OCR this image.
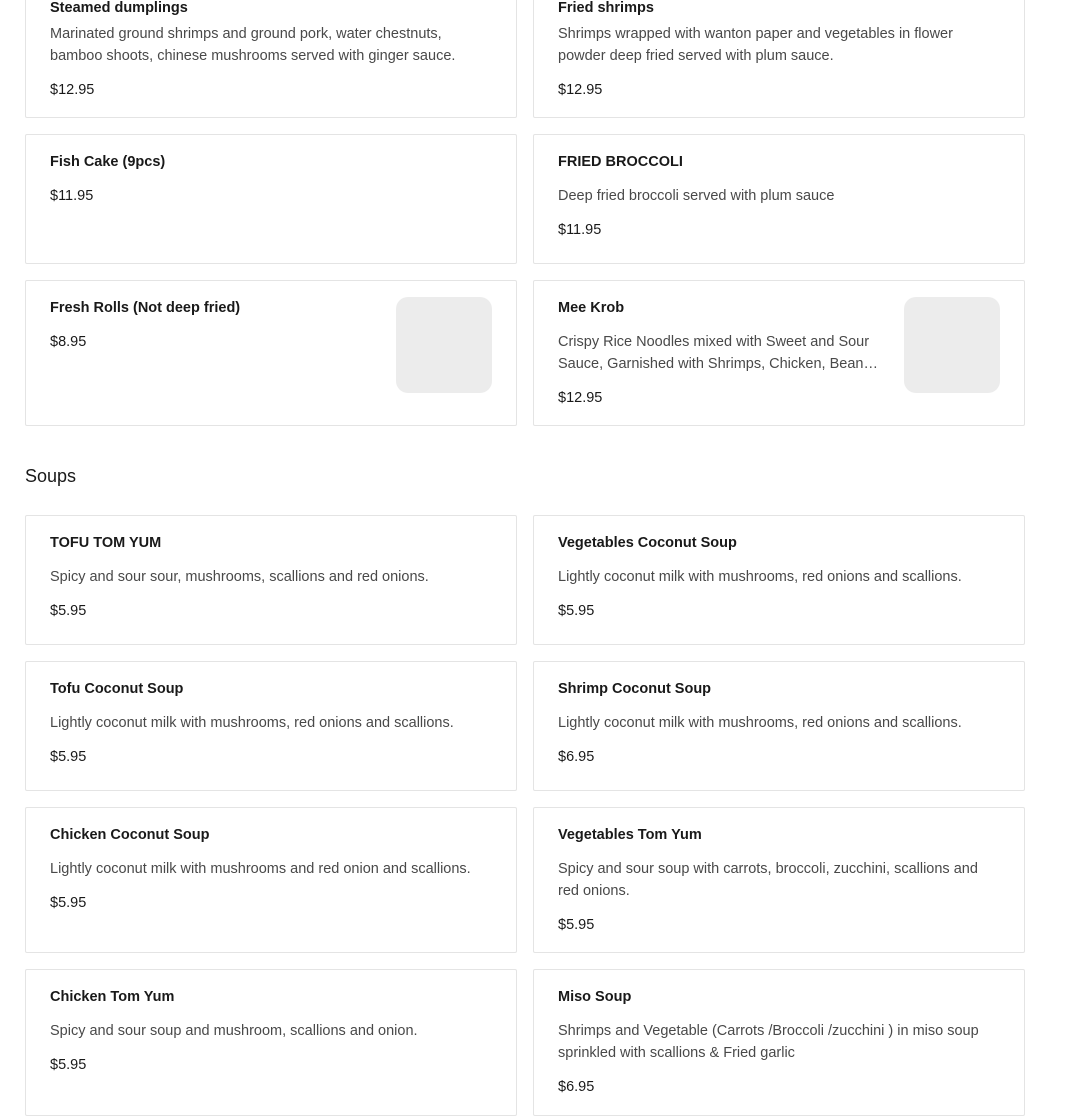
Steamed dumplings
Marinated ground shrimps and ground pork, water chestnuts,
bamboo shoots, chinese mushrooms served with ginger sauce.
$12.95
Fried shrimps
Shrimps wrapped with wanton paper and vegetables in flower
powder deep fried served with plum sauce.
$12.95
Fish Cake (9pcs)
$11.95
FRIED BROCCOLI
Deep fried broccoli served with plum sauce
$11.95
Fresh Rolls (Not deep fried)
$8.95
Mee Krob
Crispy Rice Noodles mixed with Sweet and Sour
Sauce, Garnished with Shrimps, Chicken, Bean…
$12.95
Soups
TOFU TOM YUM
Spicy and sour sour, mushrooms, scallions and red onions.
$5.95
Vegetables Coconut Soup
Lightly coconut milk with mushrooms, red onions and scallions.
$5.95
Tofu Coconut Soup
Lightly coconut milk with mushrooms, red onions and scallions.
$5.95
Shrimp Coconut Soup
Lightly coconut milk with mushrooms, red onions and scallions.
$6.95
Chicken Coconut Soup
Lightly coconut milk with mushrooms and red onion and scallions.
$5.95
Vegetables Tom Yum
Spicy and sour soup with carrots, broccoli, zucchini, scallions and
red onions.
$5.95
Chicken Tom Yum
Spicy and sour soup and mushroom, scallions and onion.
$5.95
Miso Soup
Shrimps and Vegetable (Carrots /Broccoli /zucchini ) in miso soup
sprinkled with scallions & Fried garlic
$6.95
